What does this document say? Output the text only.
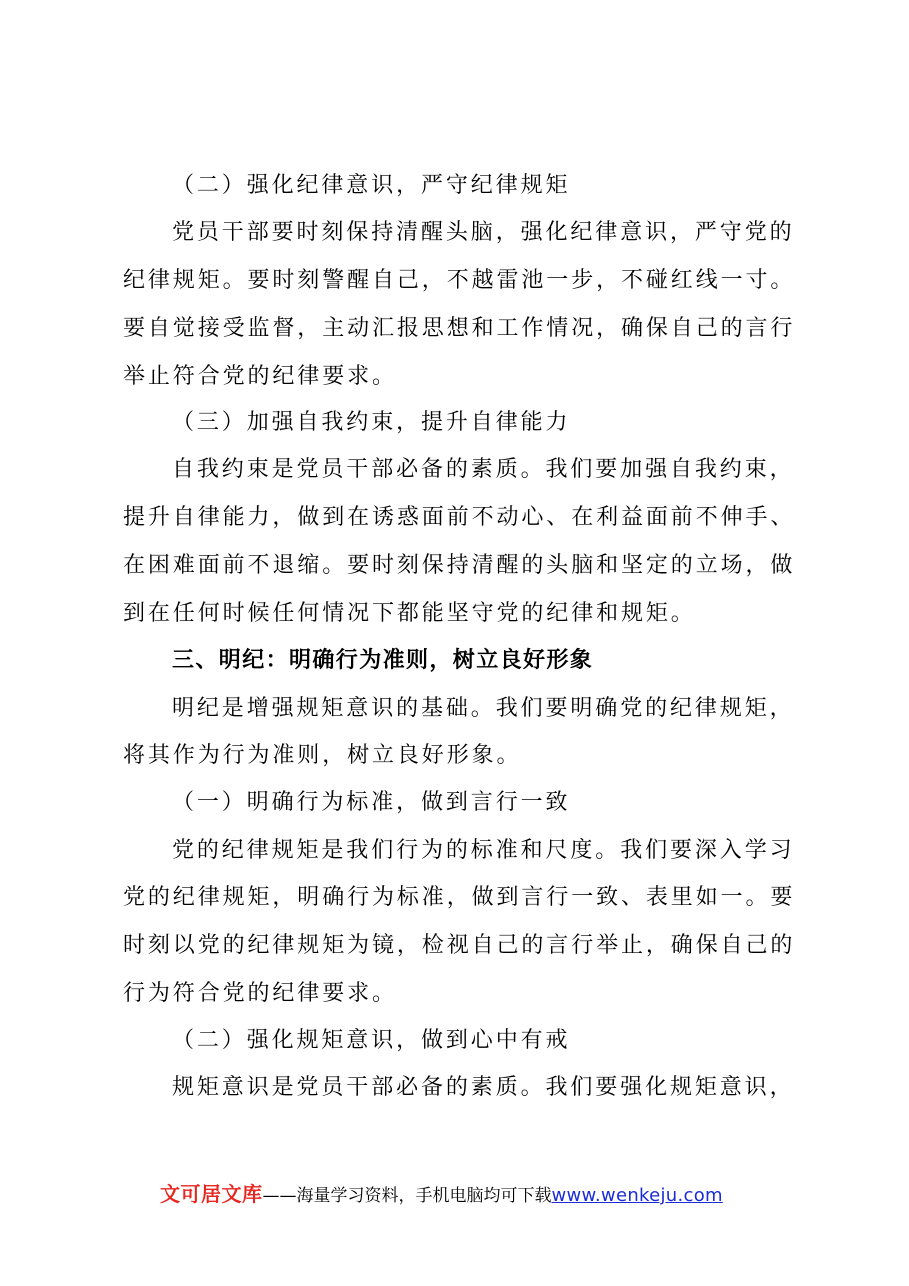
（二）强化纪律意识，严守纪律规矩
党员干部要时刻保持清醒头脑，强化纪律意识，严守党的
纪律规矩。要时刻警醒自己，不越雷池一步，不碰红线一寸。
要自觉接受监督，主动汇报思想和工作情况，确保自己的言行
举止符合党的纪律要求。
（三）加强自我约束，提升自律能力
自我约束是党员干部必备的素质。我们要加强自我约束，
提升自律能力，做到在诱惑面前不动心、在利益面前不伸手、
在困难面前不退缩。要时刻保持清醒的头脑和坚定的立场，做
到在任何时候任何情况下都能坚守党的纪律和规矩。
三、明纪：明确行为准则，树立良好形象
明纪是增强规矩意识的基础。我们要明确党的纪律规矩，
将其作为行为准则，树立良好形象。
（一）明确行为标准，做到言行一致
党的纪律规矩是我们行为的标准和尺度。我们要深入学习
党的纪律规矩，明确行为标准，做到言行一致、表里如一。要
时刻以党的纪律规矩为镜，检视自己的言行举止，确保自己的
行为符合党的纪律要求。
（二）强化规矩意识，做到心中有戒
规矩意识是党员干部必备的素质。我们要强化规矩意识，
文可居文库——海量学习资料，手机电脑均可下载www.wenkeju.com
